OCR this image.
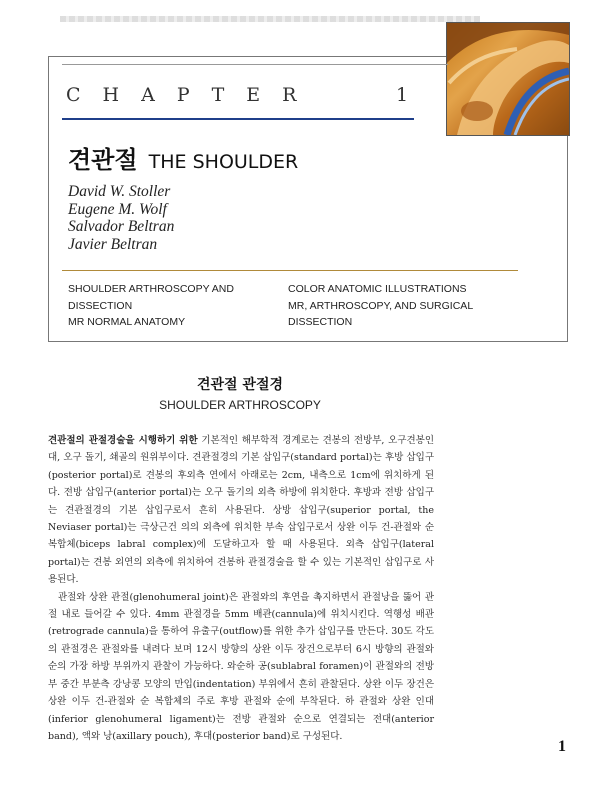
CHAPTER	1
견관절 THE SHOULDER
David W. Stoller
Eugene M. Wolf
Salvador Beltran
Javier Beltran
SHOULDER ARTHROSCOPY AND
DISSECTION
MR NORMAL ANATOMY
COLOR ANATOMIC ILLUSTRATIONS
MR, ARTHROSCOPY, AND SURGICAL
DISSECTION
견관절 관절경
SHOULDER ARTHROSCOPY

견관절의 관절경술을 시행하기 위한 기본적인 해부학적 경계로는 견봉의 전방부, 오구견봉인대, 오구 돌기, 쇄골의 원위부이다. 견관절경의 기본 삽입구(standard portal)는 후방 삽입구(posterior portal)로 견봉의 후외측 연에서 아래로는 2cm, 내측으로 1cm에 위치하게 된다. 전방 삽입구(anterior portal)는 오구 돌기의 외측 하방에 위치한다. 후방과 전방 삽입구는 견관절경의 기본 삽입구로서 흔히 사용된다. 상방 삽입구(superior portal, the Neviaser portal)는 극상근건 의의 외측에 위치한 부속 삽입구로서 상완 이두 건-관절와 순 복합체(biceps labral complex)에 도달하고자 할 때 사용된다. 외측 삽입구(lateral portal)는 견봉 외연의 외측에 위치하여 견봉하 관절경술을 할 수 있는 기본적인 삽입구로 사용된다.

관절와 상완 관절(glenohumeral joint)은 관절와의 후연을 촉지하면서 관절낭을 뚫어 관절 내로 들어갈 수 있다. 4mm 관절경을 5mm 배관(cannula)에 위치시킨다. 역행성 배관(retrograde cannula)을 통하여 유출구(outflow)를 위한 추가 삽입구를 만든다. 30도 각도의 관절경은 관절와를 내려다 보며 12시 방향의 상완 이두 장건으로부터 6시 방향의 관절와 순의 가장 하방 부위까지 관찰이 가능하다. 와순하 공(sublabral foramen)이 관절와의 전방부 중간 부분측 강낭콩 모양의 만입(indentation) 부위에서 흔히 관찰된다. 상완 이두 장건은 상완 이두 건-관절와 순 복합체의 주로 후방 관절와 순에 부착된다. 하 관절와 상완 인대(inferior glenohumeral ligament)는 전방 관절와 순으로 연결되는 전대(anterior band), 액와 낭(axillary pouch), 후대(posterior band)로 구성된다.

1
